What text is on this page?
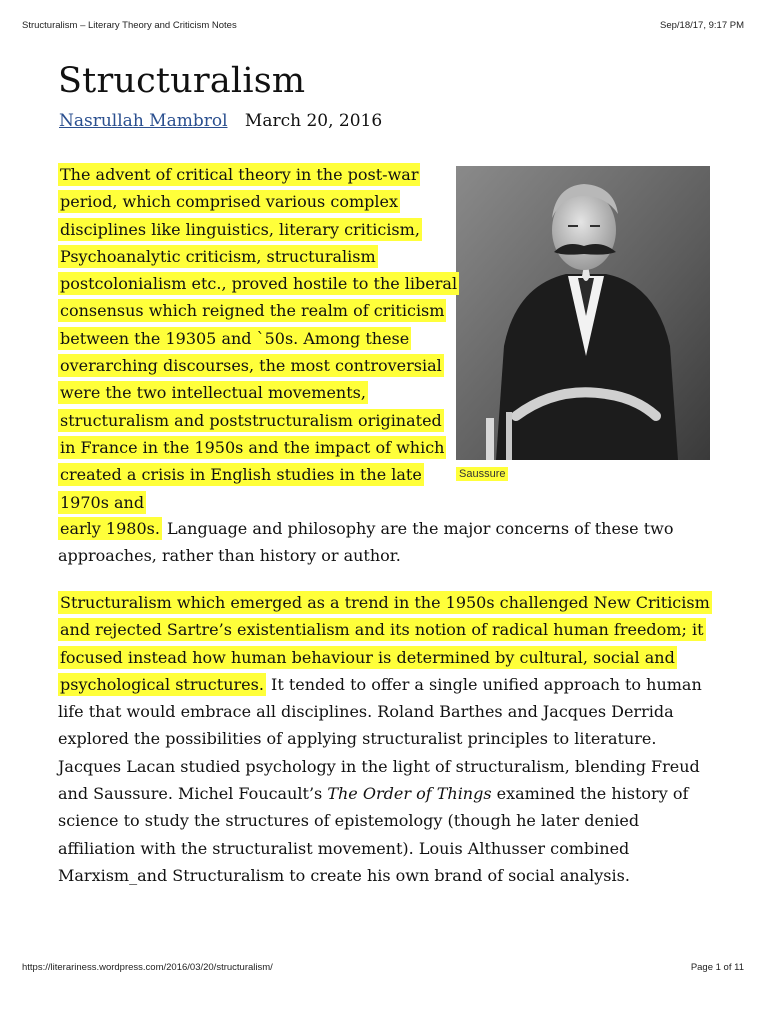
Structuralism – Literary Theory and Criticism Notes	Sep/18/17, 9:17 PM
Structuralism
Nasrullah Mambrol March 20, 2016
Saussure

The advent of critical theory in the post-war period, which comprised various complex disciplines like linguistics, literary criticism, Psychoanalytic criticism, structuralism postcolonialism etc., proved hostile to the liberal consensus which reigned the realm of criticism between the 19305 and `50s. Among these overarching discourses, the most controversial were the two intellectual movements, structuralism and poststructuralism originated in France in the 1950s and the impact of which created a crisis in English studies in the late 1970s and

early 1980s. Language and philosophy are the major concerns of these two approaches, rather than history or author.

Structuralism which emerged as a trend in the 1950s challenged New Criticism and rejected Sartre’s existentialism and its notion of radical human freedom; it focused instead how human behaviour is determined by cultural, social and psychological structures. It tended to offer a single unified approach to human life that would embrace all disciplines. Roland Barthes and Jacques Derrida explored the possibilities of applying structuralist principles to literature. Jacques Lacan studied psychology in the light of structuralism, blending Freud and Saussure. Michel Foucault’s The Order of Things examined the history of science to study the structures of epistemology (though he later denied affiliation with the structuralist movement). Louis Althusser combined Marxism_and Structuralism to create his own brand of social analysis.

https://literariness.wordpress.com/2016/03/20/structuralism/	Page 1 of 11
